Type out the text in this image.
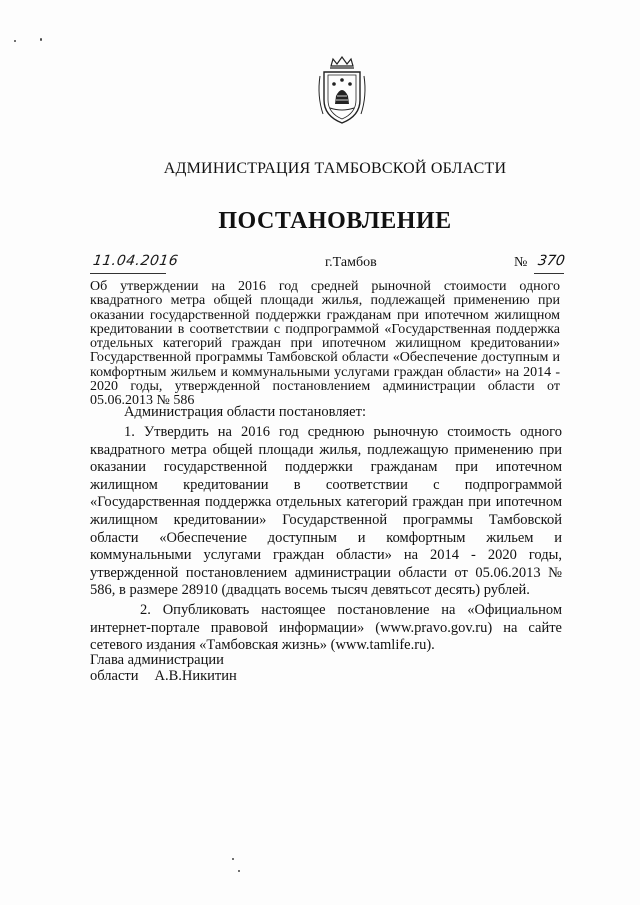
АДМИНИСТРАЦИЯ ТАМБОВСКОЙ ОБЛАСТИ
ПОСТАНОВЛЕНИЕ
11.04.2016	г.Тамбов	№ 370
Об утверждении на 2016 год средней рыночной стоимости одного квадратного метра общей площади жилья, подлежащей применению при оказании государственной поддержки гражданам при ипотечном жилищном кредитовании в соответствии с подпрограммой «Государственная поддержка отдельных категорий граждан при ипотечном жилищном кредитовании» Государственной программы Тамбовской области «Обеспечение доступным и комфортным жильем и коммунальными услугами граждан области» на 2014 - 2020 годы, утвержденной постановлением администрации области от 05.06.2013 № 586
Администрация области постановляет:

1. Утвердить на 2016 год среднюю рыночную стоимость одного квадратного метра общей площади жилья, подлежащую применению при оказании государственной поддержки гражданам при ипотечном жилищном кредитовании в соответствии с подпрограммой «Государственная поддержка отдельных категорий граждан при ипотечном жилищном кредитовании» Государственной программы Тамбовской области «Обеспечение доступным и комфортным жильем и коммунальными услугами граждан области» на 2014 - 2020 годы, утвержденной постановлением администрации области от 05.06.2013 № 586, в размере 28910 (двадцать восемь тысяч девятьсот десять) рублей.

2. Опубликовать настоящее постановление на «Официальном интернет-портале правовой информации» (www.pravo.gov.ru) на сайте сетевого издания «Тамбовская жизнь» (www.tamlife.ru).

Глава администрации
области А.В.Никитин
